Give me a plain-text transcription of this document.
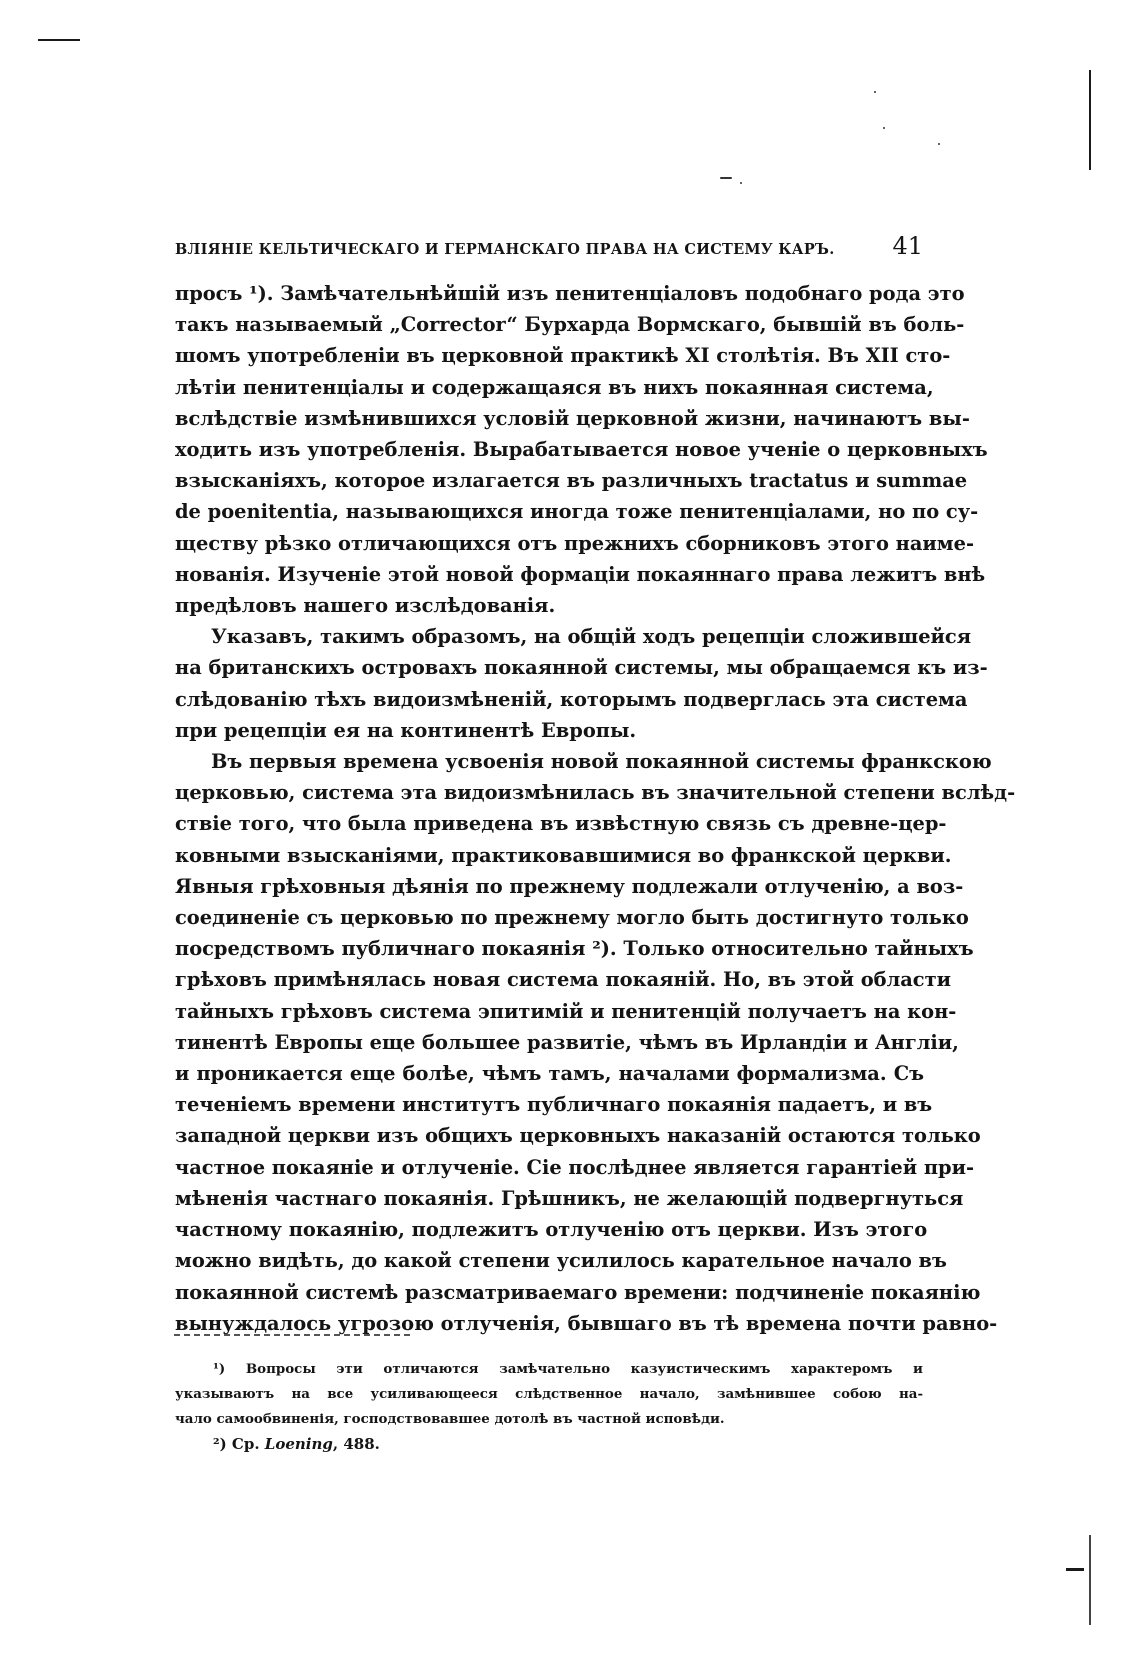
ВЛІЯНІЕ КЕЛЬТИЧЕСКАГО И ГЕРМАНСКАГО ПРАВА НА СИСТЕМУ КАРЪ. 41
просъ ¹). Замѣчательнѣйшій изъ пенитенціаловъ подобнаго рода это
такъ называемый „Corrector“ Бурхарда Вормскаго, бывшій въ боль-
шомъ употребленіи въ церковной практикѣ XI столѣтія. Въ XII сто-
лѣтіи пенитенціалы и содержащаяся въ нихъ покаянная система,
вслѣдствіе измѣнившихся условій церковной жизни, начинаютъ вы-
ходить изъ употребленія. Вырабатывается новое ученіе о церковныхъ
взысканіяхъ, которое излагается въ различныхъ tractatus и summae
de poenitentia, называющихся иногда тоже пенитенціалами, но по су-
ществу рѣзко отличающихся отъ прежнихъ сборниковъ этого наиме-
нованія. Изученіе этой новой формаціи покаяннаго права лежитъ внѣ
предѣловъ нашего изслѣдованія.
Указавъ, такимъ образомъ, на общій ходъ рецепціи сложившейся
на британскихъ островахъ покаянной системы, мы обращаемся къ из-
слѣдованію тѣхъ видоизмѣненій, которымъ подверглась эта система
при рецепціи ея на континентѣ Европы.
Въ первыя времена усвоенія новой покаянной системы франкскою
церковью, система эта видоизмѣнилась въ значительной степени вслѣд-
ствіе того, что была приведена въ извѣстную связь съ древне-цер-
ковными взысканіями, практиковавшимися во франкской церкви.
Явныя грѣховныя дѣянія по прежнему подлежали отлученію, а воз-
соединеніе съ церковью по прежнему могло быть достигнуто только
посредствомъ публичнаго покаянія ²). Только относительно тайныхъ
грѣховъ примѣнялась новая система покаяній. Но, въ этой области
тайныхъ грѣховъ система эпитимій и пенитенцій получаетъ на кон-
тинентѣ Европы еще большее развитіе, чѣмъ въ Ирландіи и Англіи,
и проникается еще болѣе, чѣмъ тамъ, началами формализма. Съ
теченіемъ времени институтъ публичнаго покаянія падаетъ, и въ
западной церкви изъ общихъ церковныхъ наказаній остаются только
частное покаяніе и отлученіе. Сіе послѣднее является гарантіей при-
мѣненія частнаго покаянія. Грѣшникъ, не желающій подвергнуться
частному покаянію, подлежитъ отлученію отъ церкви. Изъ этого
можно видѣть, до какой степени усилилось карательное начало въ
покаянной системѣ разсматриваемаго времени: подчиненіе покаянію
вынуждалось угрозою отлученія, бывшаго въ тѣ времена почти равно-
¹) Вопросы эти отличаются замѣчательно казуистическимъ характеромъ и
указываютъ на все усиливающееся слѣдственное начало, замѣнившее собою на-
чало самообвиненія, господствовавшее дотолѣ въ частной исповѣди.
²) Ср. Loening, 488.
